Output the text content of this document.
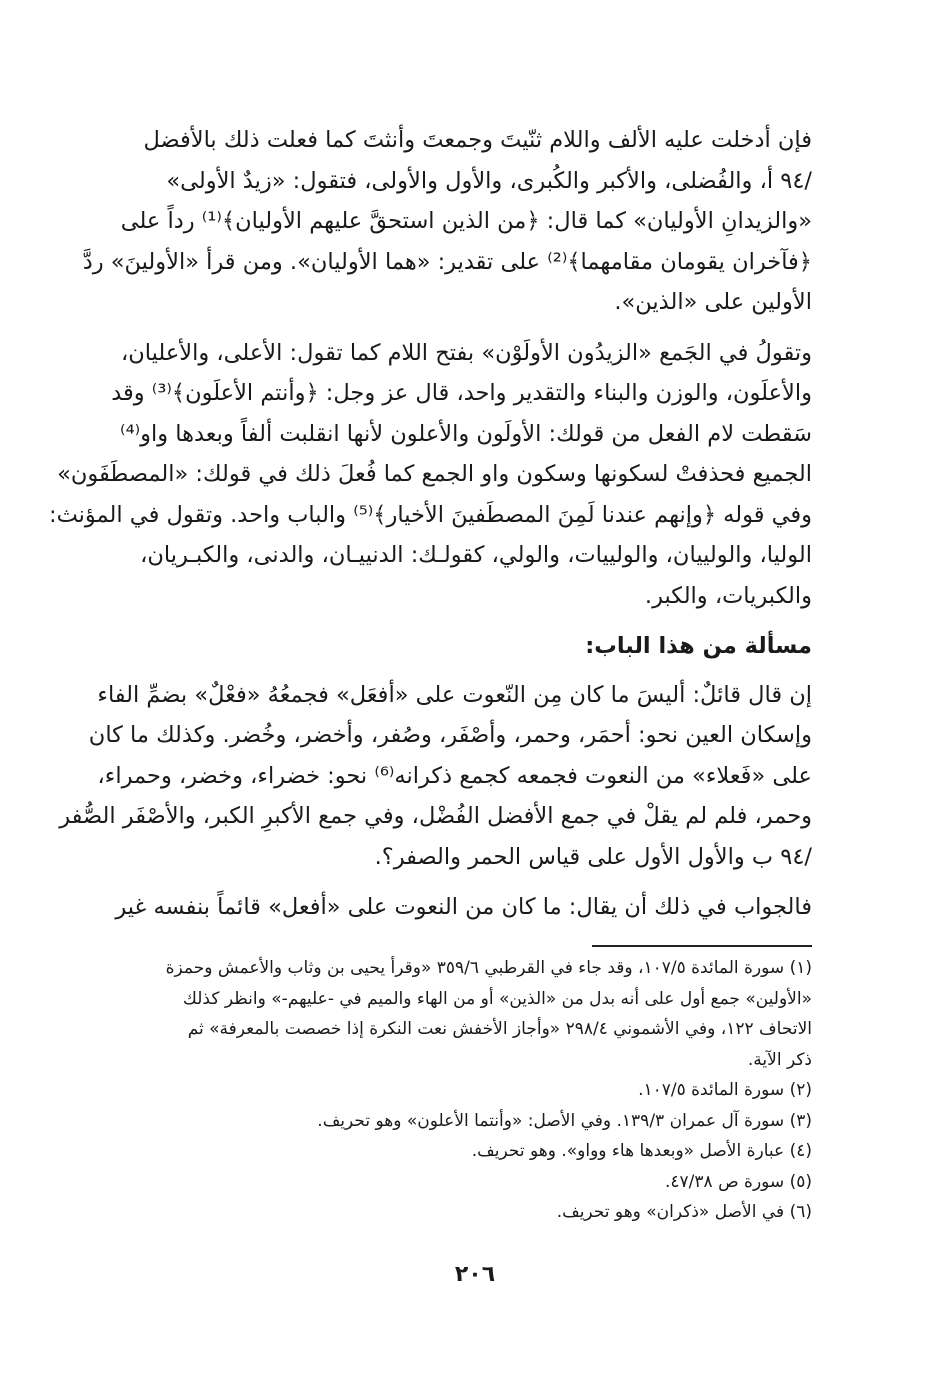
فإن أدخلت عليه الألف واللام ثنّيتَ وجمعتَ وأنثتَ كما فعلت ذلك بالأفضل
/٩٤ أ، والفُضلى، والأكبر والكُبرى، والأول والأولى، فتقول: «زيدٌ الأولى»
«والزيدانِ الأوليان» كما قال: ﴿من الذين استحقَّ عليهم الأوليان﴾⁽¹⁾ رداً على
﴿فآخران يقومان مقامهما﴾⁽²⁾ على تقدير: «هما الأوليان». ومن قرأ «الأولينَ» ردَّ
الأولين على «الذين».

وتقولُ في الجَمع «الزيدُون الأولَوْن» بفتح اللام كما تقول: الأعلى، والأعليان،
والأعلَون، والوزن والبناء والتقدير واحد، قال عز وجل: ﴿وأنتم الأعلَون﴾⁽³⁾ وقد
سَقطت لام الفعل من قولك: الأولَون والأعلون لأنها انقلبت ألفاً وبعدها واو⁽⁴⁾
الجميع فحذفتْ لسكونها وسكون واو الجمع كما فُعلَ ذلك في قولك: «المصطَفَون»
وفي قوله ﴿وإنهم عندنا لَمِنَ المصطَفينَ الأخيار﴾⁽⁵⁾ والباب واحد. وتقول في المؤنث:
الوليا، والولييان، والولييات، والولي، كقولـك: الدنييـان، والدنى، والكبـريان،
والكبريات، والكبر.

مسألة من هذا الباب:

إن قال قائلٌ: أليسَ ما كان مِن النّعوت على «أفعَل» فجمعُهُ «فعْلٌ» بضمِّ الفاء
وإسكان العين نحو: أحمَر، وحمر، وأصْفَر، وصُفر، وأخضر، وخُضر. وكذلك ما كان
على «فَعلاء» من النعوت فجمعه كجمع ذكرانه⁽⁶⁾ نحو: خضراء، وخضر، وحمراء،
وحمر، فلم لم يقلْ في جمع الأفضل الفُضْل، وفي جمع الأكبرِ الكبر، والأصْفَر الصُّفر
/٩٤ ب والأول الأول على قياس الحمر والصفر؟.

فالجواب في ذلك أن يقال: ما كان من النعوت على «أفعل» قائماً بنفسه غير

(١) سورة المائدة ١٠٧/٥، وقد جاء في القرطبي ٣٥٩/٦ «وقرأ يحيى بن وثاب والأعمش وحمزة

«الأولين» جمع أول على أنه بدل من «الذين» أو من الهاء والميم في -عليهم-» وانظر كذلك

الاتحاف ١٢٢، وفي الأشموني ٢٩٨/٤ «وأجاز الأخفش نعت النكرة إذا خصصت بالمعرفة» ثم

ذكر الآية.

(٢) سورة المائدة ١٠٧/٥.

(٣) سورة آل عمران ١٣٩/٣. وفي الأصل: «وأنتما الأعلون» وهو تحريف.

(٤) عبارة الأصل «وبعدها هاء وواو». وهو تحريف.

(٥) سورة ص ٤٧/٣٨.

(٦) في الأصل «ذكران» وهو تحريف.

٢٠٦
